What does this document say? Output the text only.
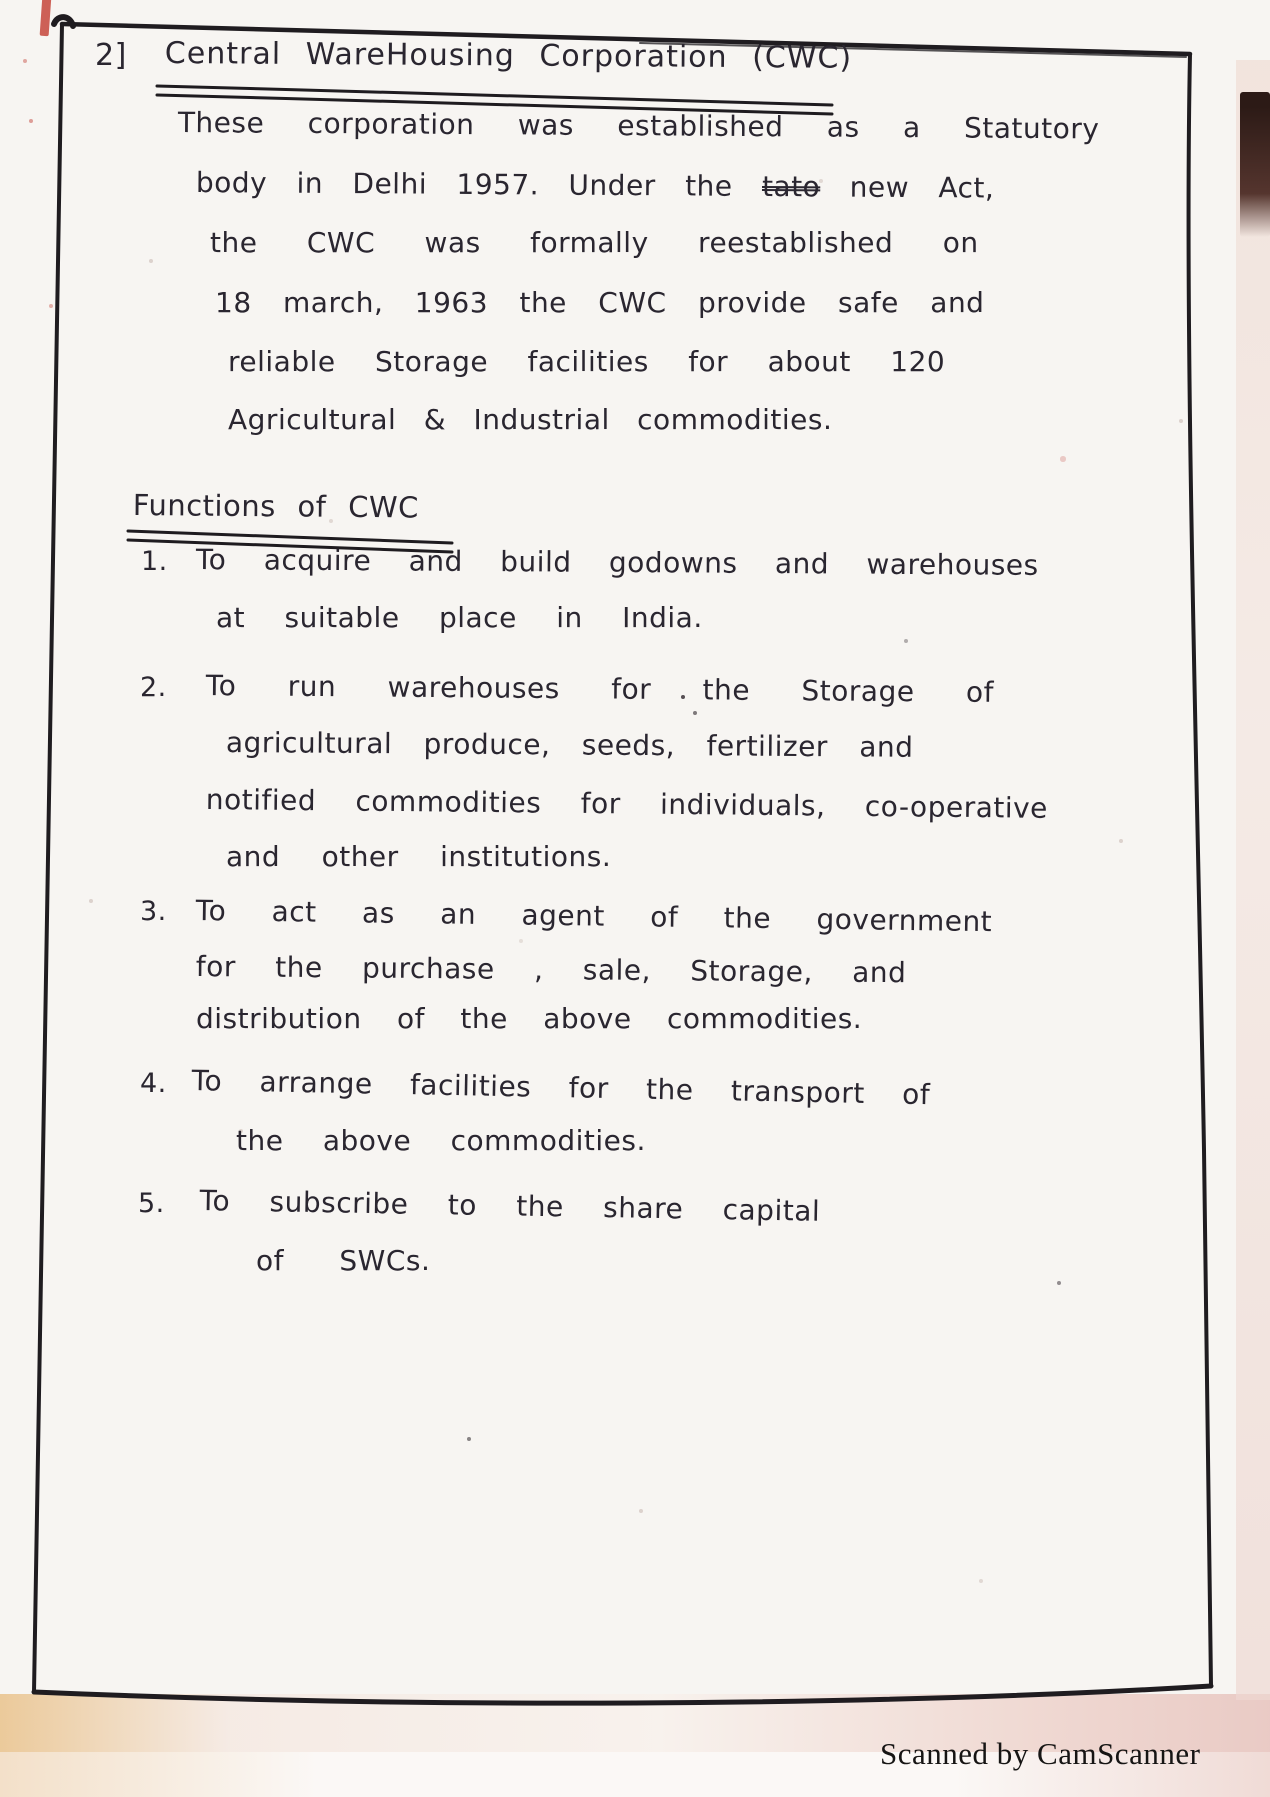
2] Central WareHousing Corporation (CWC)
These corporation was established as a Statutory
body in Delhi 1957. Under the tato new Act,
the CWC was formally reestablished on
18 march, 1963 the CWC provide safe and
reliable Storage facilities for about 120
Agricultural & Industrial commodities.
Functions of CWC
1. To acquire and build godowns and warehouses
at suitable place in India.
2. To run warehouses for the Storage of
agricultural produce, seeds, fertilizer and
notified commodities for individuals, co-operative
and other institutions.
3. To act as an agent of the government
for the purchase , sale, Storage, and
distribution of the above commodities.
4. To arrange facilities for the transport of
the above commodities.
5. To subscribe to the share capital
of SWCs.
Scanned by CamScanner
